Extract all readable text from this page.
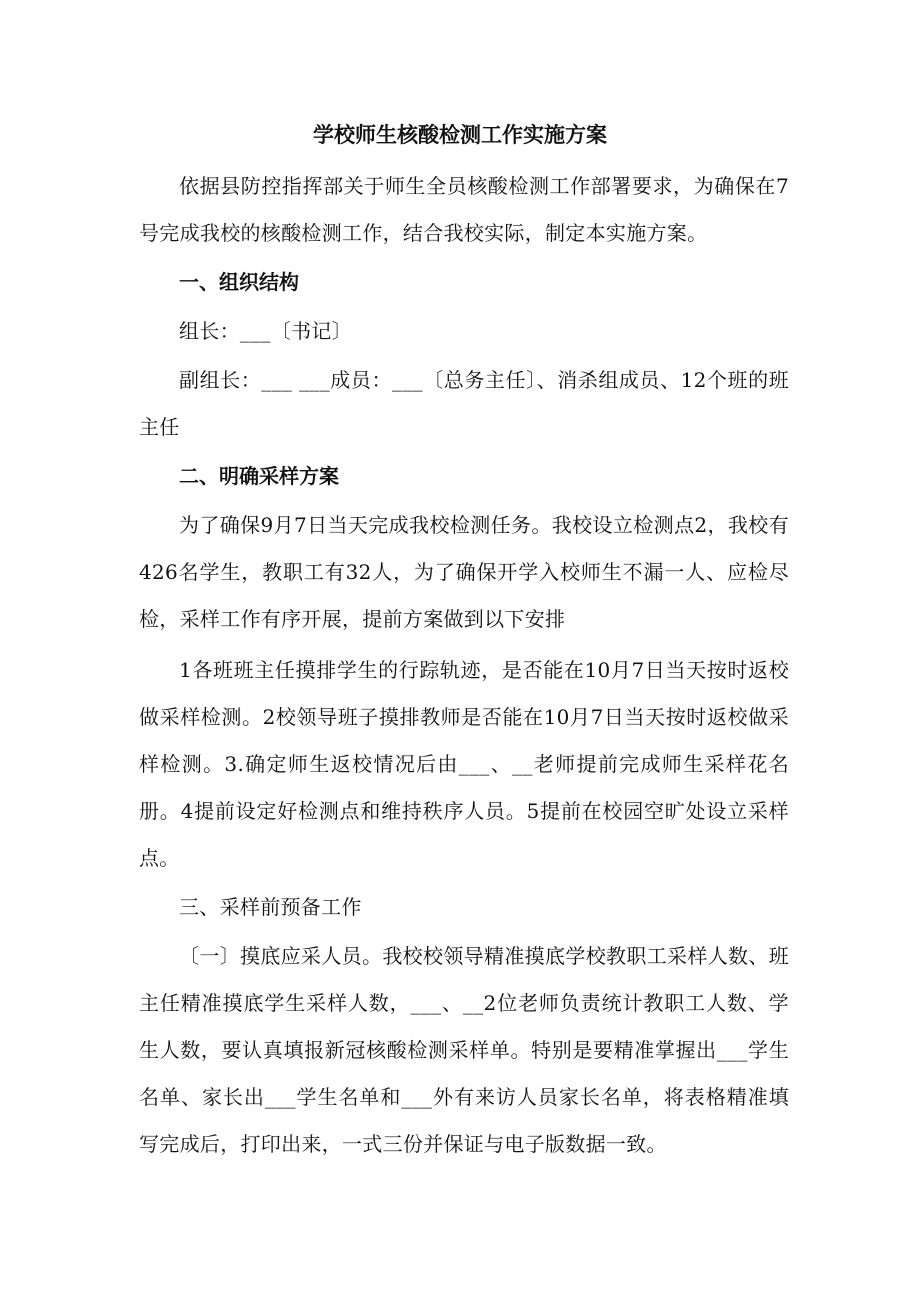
学校师生核酸检测工作实施方案

依据县防控指挥部关于师生全员核酸检测工作部署要求，为确保在7号完成我校的核酸检测工作，结合我校实际，制定本实施方案。

一、组织结构

组长：___〔书记〕

副组长：___ ___成员：___〔总务主任〕、消杀组成员、12个班的班主任

二、明确采样方案

为了确保9月7日当天完成我校检测任务。我校设立检测点2，我校有426名学生，教职工有32人，为了确保开学入校师生不漏一人、应检尽检，采样工作有序开展，提前方案做到以下安排

1各班班主任摸排学生的行踪轨迹，是否能在10月7日当天按时返校做采样检测。2校领导班子摸排教师是否能在10月7日当天按时返校做采样检测。3.确定师生返校情况后由___、__老师提前完成师生采样花名册。4提前设定好检测点和维持秩序人员。5提前在校园空旷处设立采样点。

三、采样前预备工作

〔一〕摸底应采人员。我校校领导精准摸底学校教职工采样人数、班主任精准摸底学生采样人数，___、__2位老师负责统计教职工人数、学生人数，要认真填报新冠核酸检测采样单。特别是要精准掌握出___学生名单、家长出___学生名单和___外有来访人员家长名单，将表格精准填写完成后，打印出来，一式三份并保证与电子版数据一致。
